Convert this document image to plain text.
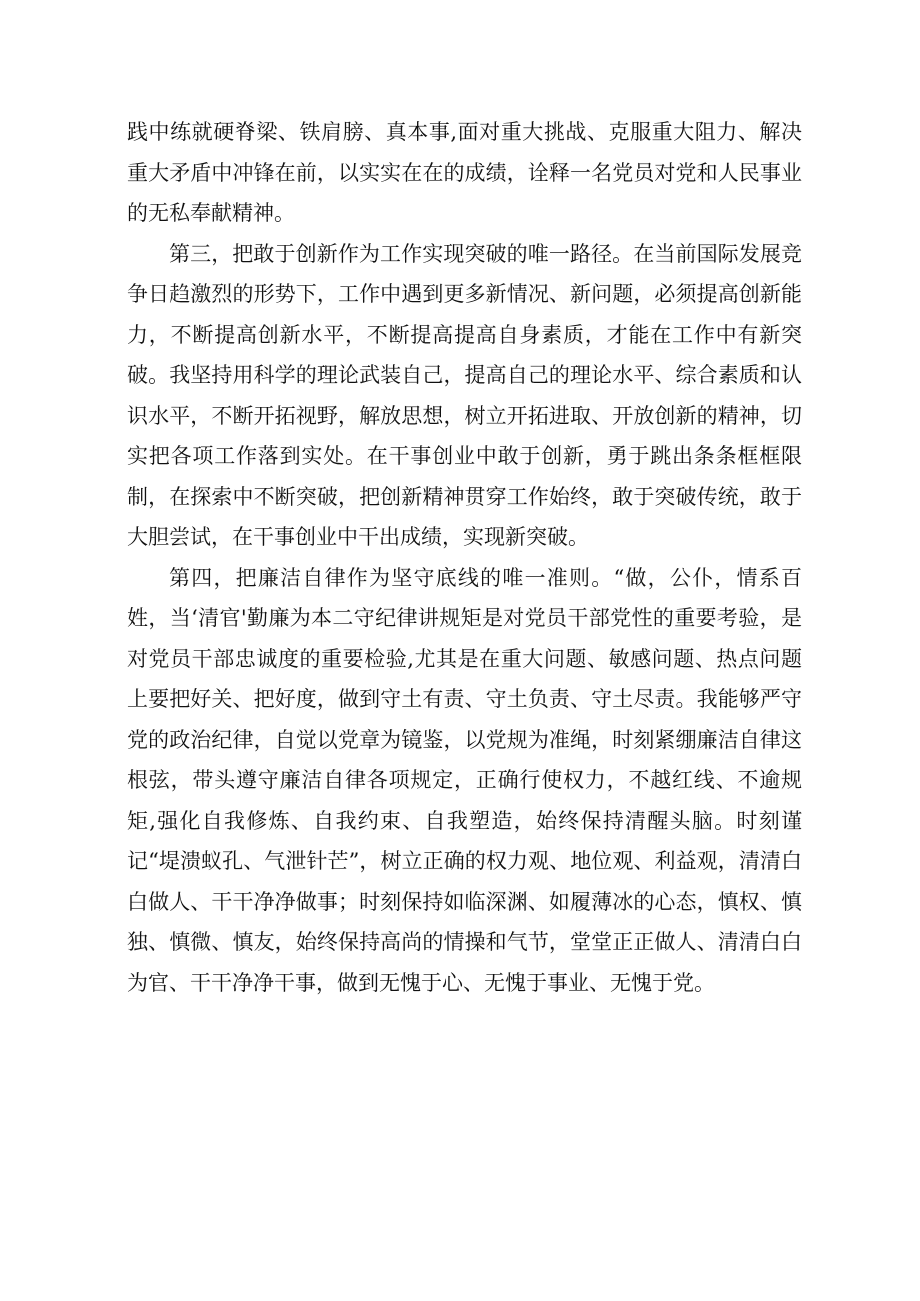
践中练就硬脊梁、铁肩膀、真本事,面对重大挑战、克服重大阻力、解决重大矛盾中冲锋在前，以实实在在的成绩，诠释一名党员对党和人民事业的无私奉献精神。

第三，把敢于创新作为工作实现突破的唯一路径。在当前国际发展竞争日趋激烈的形势下，工作中遇到更多新情况、新问题，必须提高创新能力，不断提高创新水平，不断提高提高自身素质，才能在工作中有新突破。我坚持用科学的理论武装自己，提高自己的理论水平、综合素质和认识水平，不断开拓视野，解放思想，树立开拓进取、开放创新的精神，切实把各项工作落到实处。在干事创业中敢于创新，勇于跳出条条框框限制，在探索中不断突破，把创新精神贯穿工作始终，敢于突破传统，敢于大胆尝试，在干事创业中干出成绩，实现新突破。

第四，把廉洁自律作为坚守底线的唯一准则。“做，公仆，情系百姓，当‘清官'勤廉为本二守纪律讲规矩是对党员干部党性的重要考验，是对党员干部忠诚度的重要检验,尤其是在重大问题、敏感问题、热点问题上要把好关、把好度，做到守土有责、守土负责、守土尽责。我能够严守党的政治纪律，自觉以党章为镜鉴，以党规为准绳，时刻紧绷廉洁自律这根弦，带头遵守廉洁自律各项规定，正确行使权力，不越红线、不逾规矩,强化自我修炼、自我约束、自我塑造，始终保持清醒头脑。时刻谨记“堤溃蚁孔、气泄针芒”，树立正确的权力观、地位观、利益观，清清白白做人、干干净净做事；时刻保持如临深渊、如履薄冰的心态，慎权、慎独、慎微、慎友，始终保持高尚的情操和气节，堂堂正正做人、清清白白为官、干干净净干事，做到无愧于心、无愧于事业、无愧于党。
